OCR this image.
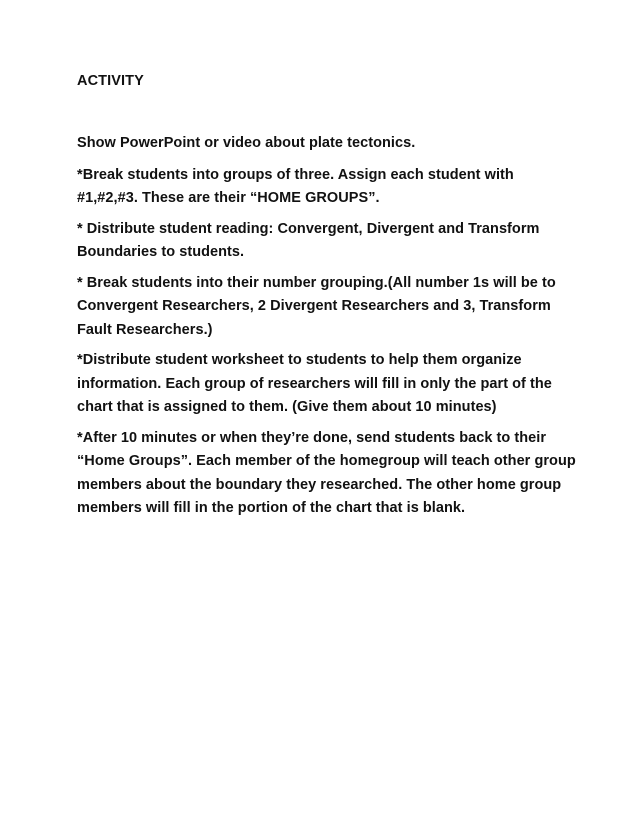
ACTIVITY

Show PowerPoint or video about plate tectonics.

*Break students into groups of three. Assign each student with #1,#2,#3. These are their “HOME GROUPS”.

* Distribute student reading: Convergent, Divergent and Transform Boundaries to students.

* Break students into their number grouping.(All number 1s will be to Convergent Researchers, 2 Divergent Researchers and 3, Transform Fault Researchers.)

*Distribute student worksheet to students to help them organize information. Each group of researchers will fill in only the part of the chart that is assigned to them. (Give them about 10 minutes)

*After 10 minutes or when they’re done, send students back to their “Home Groups”. Each member of the homegroup will teach other group members about the boundary they researched. The other home group members will fill in the portion of the chart that is blank.
